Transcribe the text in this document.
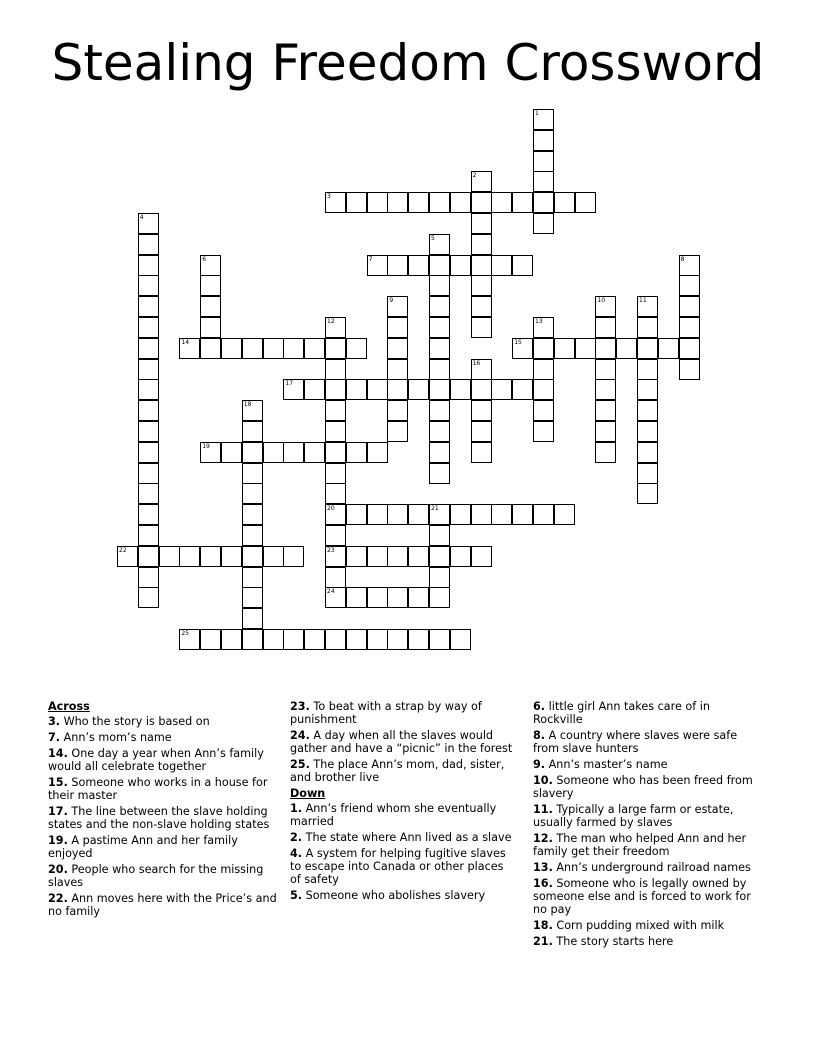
Stealing Freedom Crossword
1
2
3
4
5
6	7	8
9	10	11
12	13
14	15
16
17
18
19
20	21
22	23
24
25
Across
3. Who the story is based on
7. Ann’s mom’s name
14. One day a year when Ann’s family would all celebrate together
15. Someone who works in a house for their master
17. The line between the slave holding states and the non-slave holding states
19. A pastime Ann and her family enjoyed
20. People who search for the missing slaves
22. Ann moves here with the Price’s and no family
23. To beat with a strap by way of punishment
24. A day when all the slaves would gather and have a “picnic” in the forest
25. The place Ann’s mom, dad, sister, and brother live
Down
1. Ann’s friend whom she eventually married
2. The state where Ann lived as a slave
4. A system for helping fugitive slaves to escape into Canada or other places of safety
5. Someone who abolishes slavery
6. little girl Ann takes care of in Rockville
8. A country where slaves were safe from slave hunters
9. Ann’s master’s name
10. Someone who has been freed from slavery
11. Typically a large farm or estate, usually farmed by slaves
12. The man who helped Ann and her family get their freedom
13. Ann’s underground railroad names
16. Someone who is legally owned by someone else and is forced to work for no pay
18. Corn pudding mixed with milk
21. The story starts here
